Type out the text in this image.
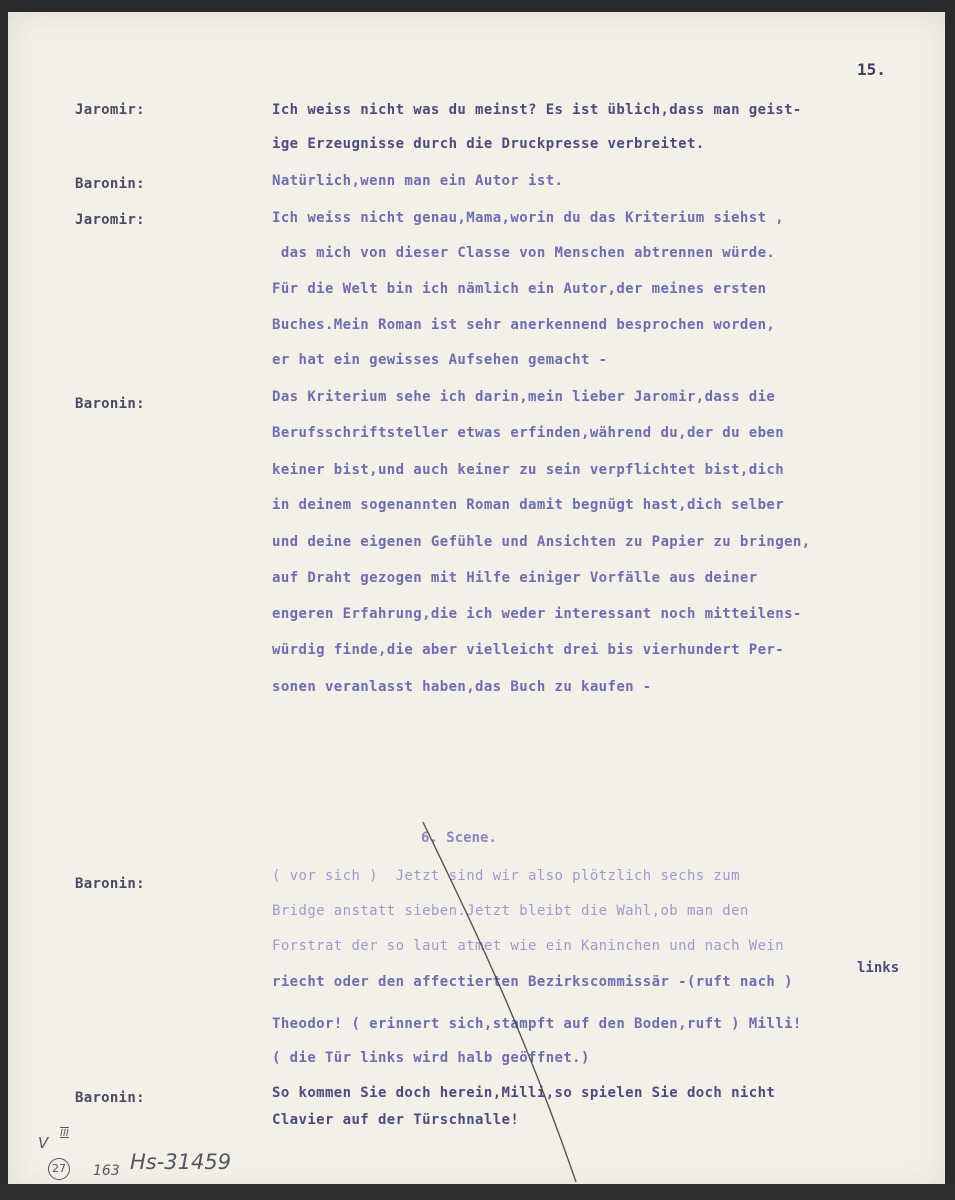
15.
Jaromir:	Ich weiss nicht was du meinst? Es ist üblich,dass man geist-
ige Erzeugnisse durch die Druckpresse verbreitet.
Baronin:	Natürlich,wenn man ein Autor ist.
Jaromir:	Ich weiss nicht genau,Mama,worin du das Kriterium siehst ,
das mich von dieser Classe von Menschen abtrennen würde.
Für die Welt bin ich nämlich ein Autor,der meines ersten
Buches.Mein Roman ist sehr anerkennend besprochen worden,
er hat ein gewisses Aufsehen gemacht -
Baronin:	Das Kriterium sehe ich darin,mein lieber Jaromir,dass die
Berufsschriftsteller etwas erfinden,während du,der du eben
keiner bist,und auch keiner zu sein verpflichtet bist,dich
in deinem sogenannten Roman damit begnügt hast,dich selber
und deine eigenen Gefühle und Ansichten zu Papier zu bringen,
auf Draht gezogen mit Hilfe einiger Vorfälle aus deiner
engeren Erfahrung,die ich weder interessant noch mitteilens-
würdig finde,die aber vielleicht drei bis vierhundert Per-
sonen veranlasst haben,das Buch zu kaufen -
6. Scene.
Baronin:	( vor sich )  Jetzt sind wir also plötzlich sechs zum
Bridge anstatt sieben.Jetzt bleibt die Wahl,ob man den
Forstrat der so laut atmet wie ein Kaninchen und nach Wein
links
riecht oder den affectierten Bezirkscommissär -(ruft nach )
Theodor! ( erinnert sich,stampft auf den Boden,ruft ) Milli!
( die Tür links wird halb geöffnet.)
Baronin:	So kommen Sie doch herein,Milli,so spielen Sie doch nicht
Clavier auf der Türschnalle!
V
III
27 163 Hs-31459
